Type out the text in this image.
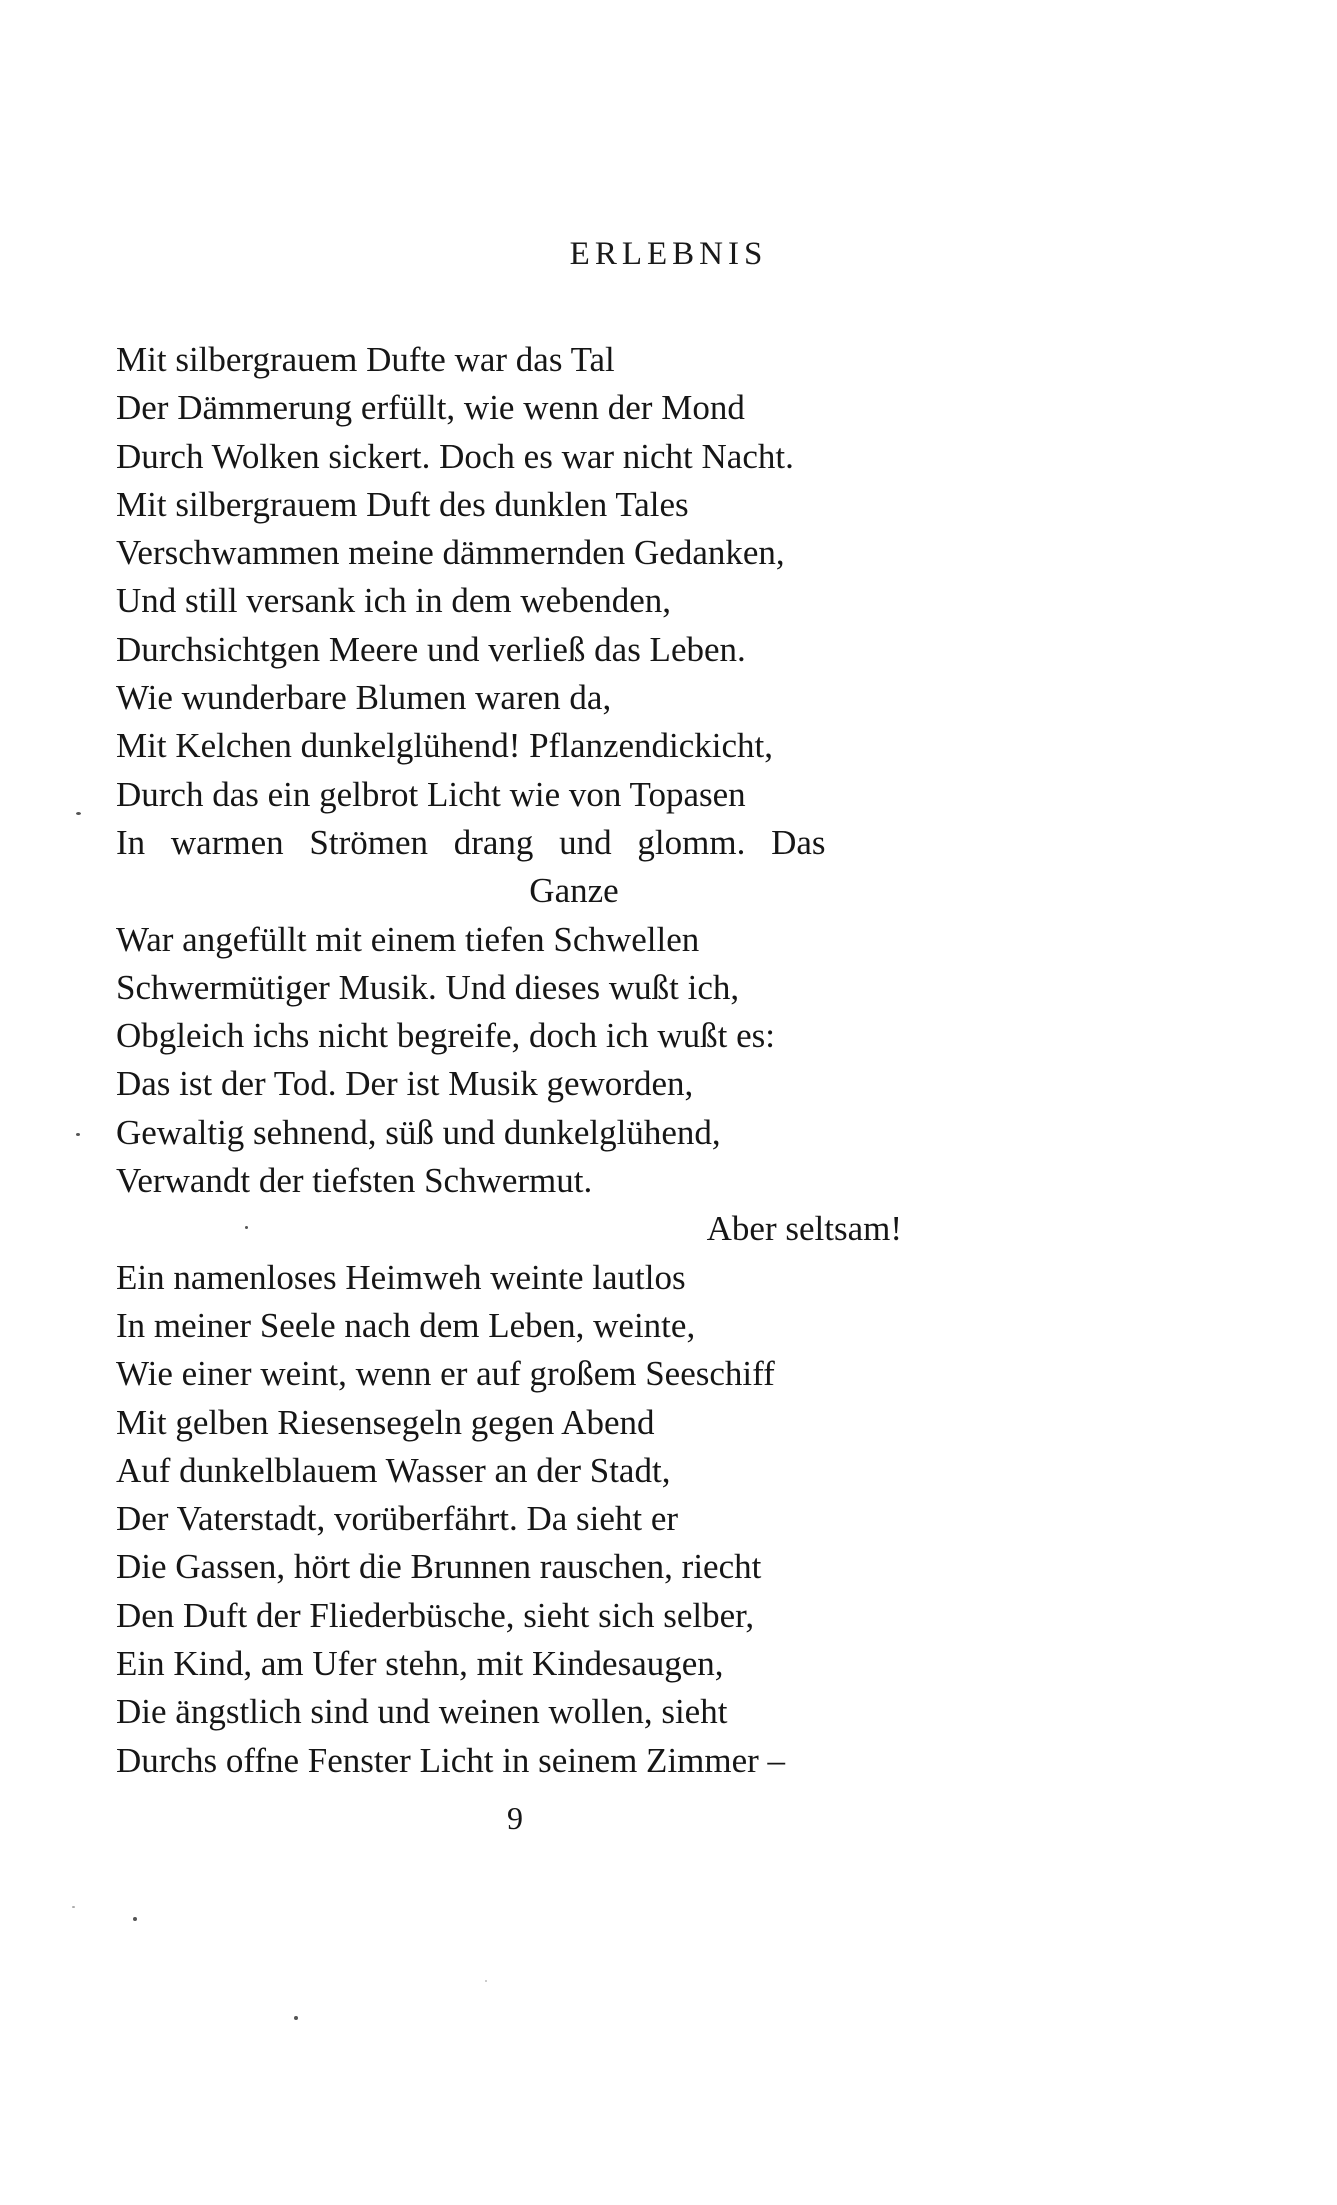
ERLEBNIS
Mit silbergrauem Dufte war das Tal
Der Dämmerung erfüllt, wie wenn der Mond
Durch Wolken sickert. Doch es war nicht Nacht.
Mit silbergrauem Duft des dunklen Tales
Verschwammen meine dämmernden Gedanken,
Und still versank ich in dem webenden,
Durchsichtgen Meere und verließ das Leben.
Wie wunderbare Blumen waren da,
Mit Kelchen dunkelglühend! Pflanzendickicht,
Durch das ein gelbrot Licht wie von Topasen
In warmen Strömen drang und glomm. Das
Ganze
War angefüllt mit einem tiefen Schwellen
Schwermütiger Musik. Und dieses wußt ich,
Obgleich ichs nicht begreife, doch ich wußt es:
Das ist der Tod. Der ist Musik geworden,
Gewaltig sehnend, süß und dunkelglühend,
Verwandt der tiefsten Schwermut.
Aber seltsam!
Ein namenloses Heimweh weinte lautlos
In meiner Seele nach dem Leben, weinte,
Wie einer weint, wenn er auf großem Seeschiff
Mit gelben Riesensegeln gegen Abend
Auf dunkelblauem Wasser an der Stadt,
Der Vaterstadt, vorüberfährt. Da sieht er
Die Gassen, hört die Brunnen rauschen, riecht
Den Duft der Fliederbüsche, sieht sich selber,
Ein Kind, am Ufer stehn, mit Kindesaugen,
Die ängstlich sind und weinen wollen, sieht
Durchs offne Fenster Licht in seinem Zimmer –
9
